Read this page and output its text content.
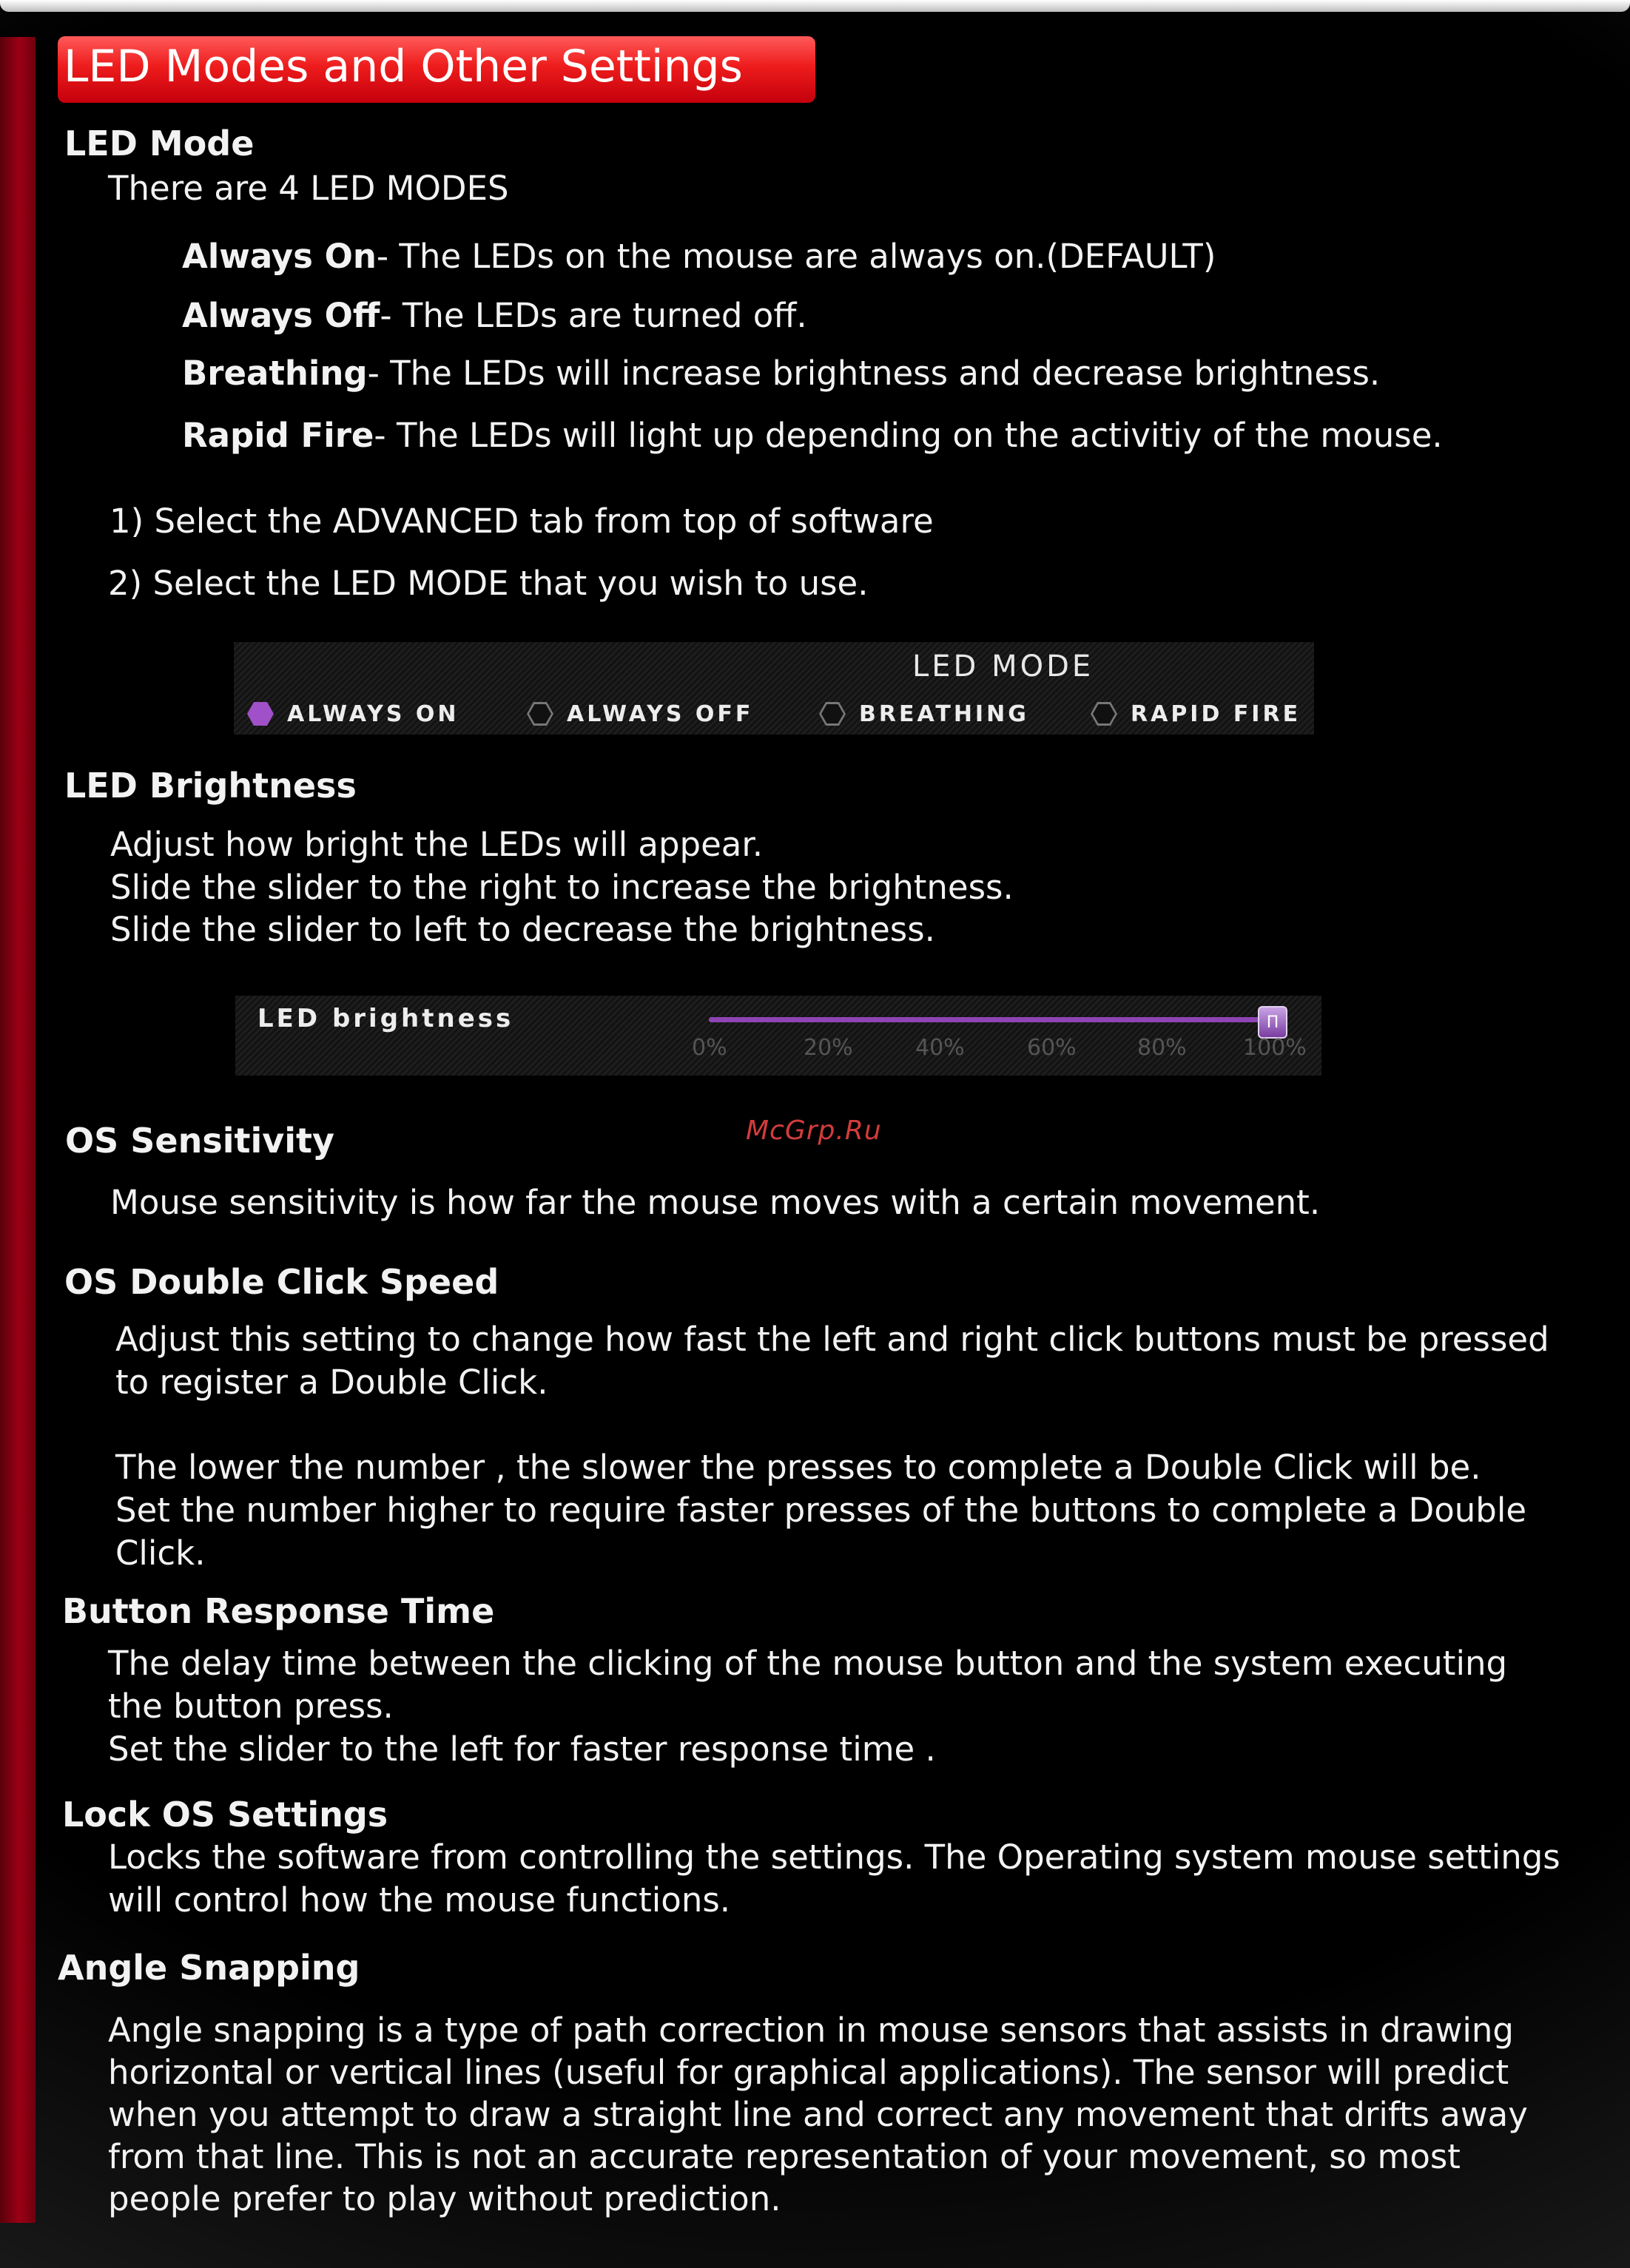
LED Modes and Other Settings
LED Mode
There are 4 LED MODES
Always On- The LEDs on the mouse are always on.(DEFAULT)
Always Off- The LEDs are turned off.
Breathing- The LEDs will increase brightness and decrease brightness.
Rapid Fire- The LEDs will light up depending on the activitiy of the mouse.
1) Select the ADVANCED tab from top of software
2) Select the LED MODE that you wish to use.
LED MODE
ALWAYS ON	ALWAYS OFF	BREATHING	RAPID FIRE
LED Brightness
Adjust how bright the LEDs will appear.
Slide the slider to the right to increase the brightness.
Slide the slider to left to decrease the brightness.
LED brightness	Π
0%	20%	40%	60%	80%	100%
McGrp.Ru
OS Sensitivity
Mouse sensitivity is how far the mouse moves with a certain movement.
OS Double Click Speed
Adjust this setting to change how fast the left and right click buttons must be pressed
to register a Double Click.
The lower the number , the slower the presses to complete a Double Click will be.
Set the number higher to require faster presses of the buttons to complete a Double
Click.
Button Response Time
The delay time between the clicking of the mouse button and the system executing
the button press.
Set the slider to the left for faster response time .
Lock OS Settings
Locks the software from controlling the settings. The Operating system mouse settings
will control how the mouse functions.
Angle Snapping
Angle snapping is a type of path correction in mouse sensors that assists in drawing
horizontal or vertical lines (useful for graphical applications). The sensor will predict
when you attempt to draw a straight line and correct any movement that drifts away
from that line. This is not an accurate representation of your movement, so most
people prefer to play without prediction.
